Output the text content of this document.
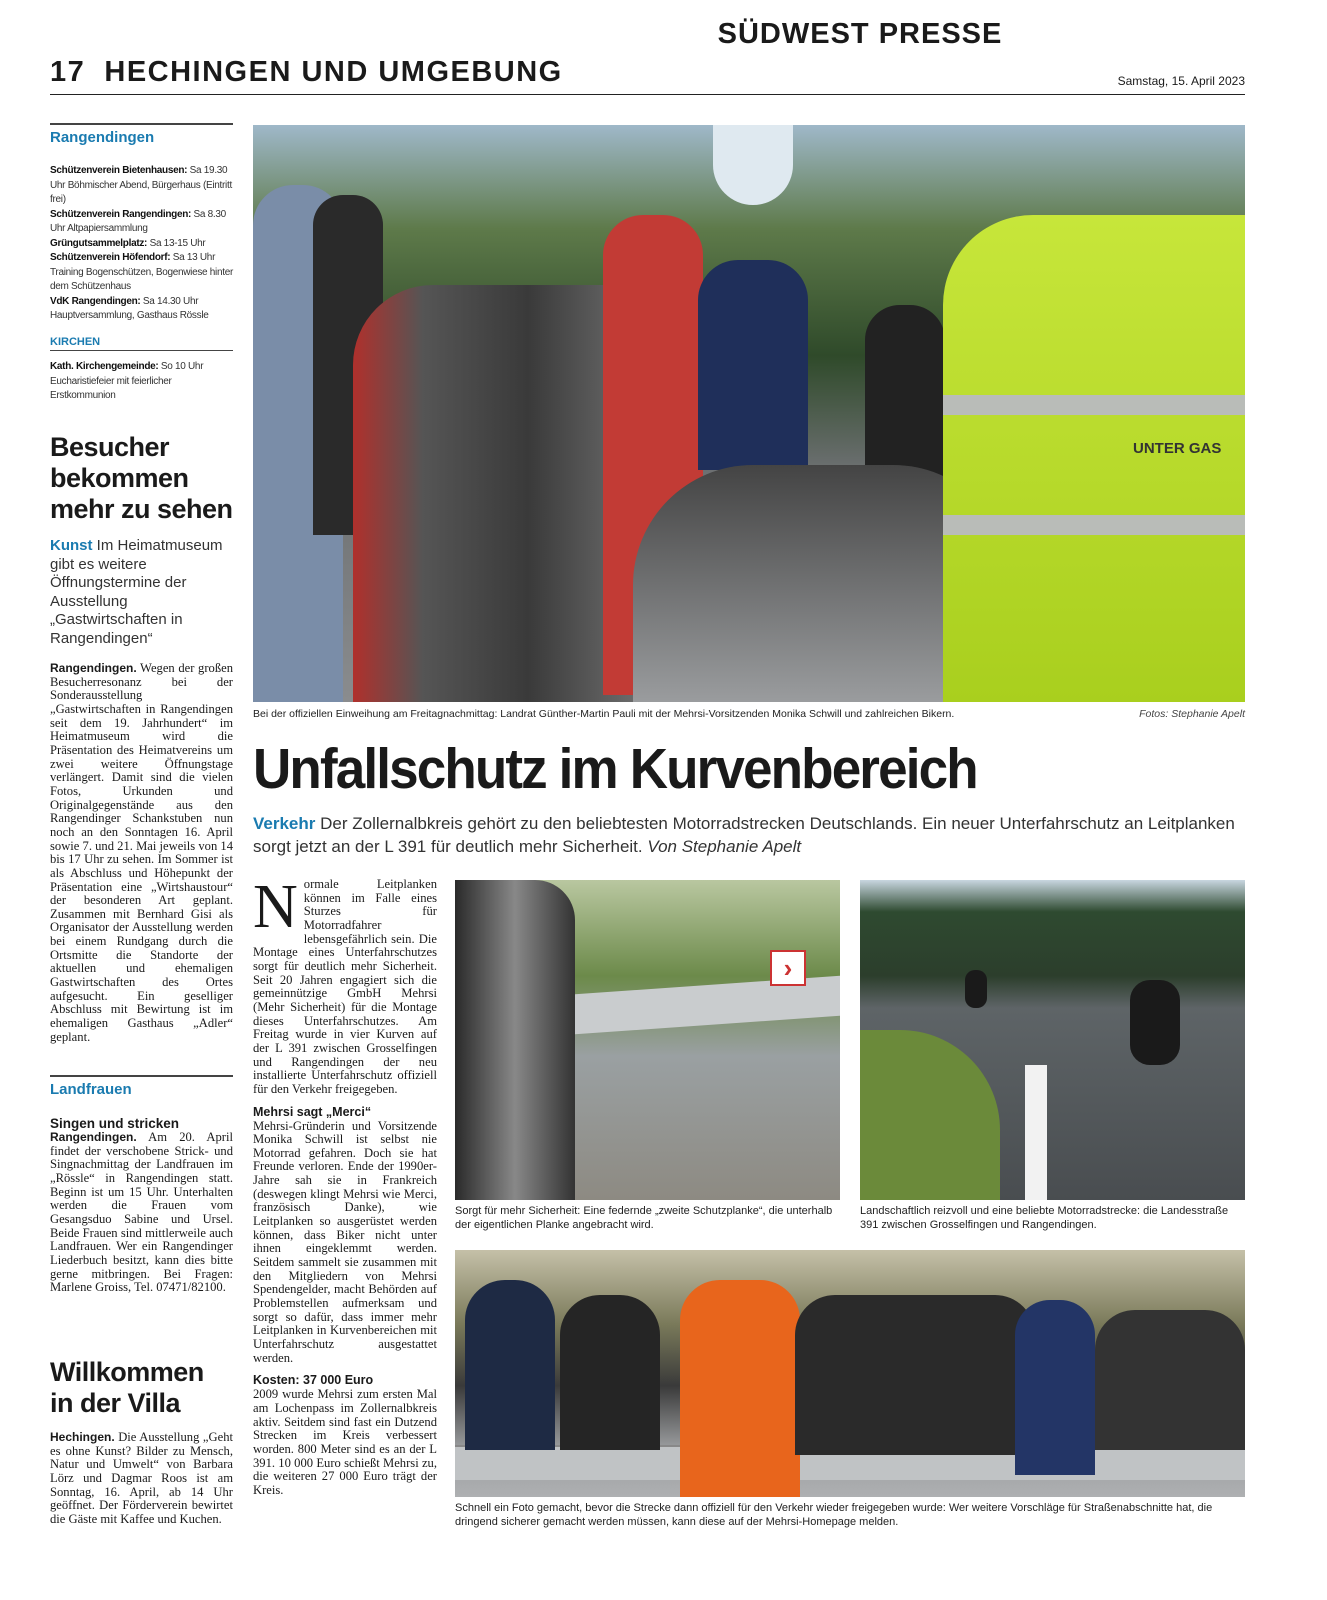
SÜDWEST PRESSE
17 HECHINGEN UND UMGEBUNG	Samstag, 15. April 2023
Rangendingen
Schützenverein Bietenhausen: Sa 19.30 Uhr Böhmischer Abend, Bürgerhaus (Eintritt frei)
Schützenverein Rangendingen: Sa 8.30 Uhr Altpapiersammlung
Grüngutsammelplatz: Sa 13-15 Uhr
Schützenverein Höfendorf: Sa 13 Uhr Training Bogenschützen, Bogenwiese hinter dem Schützenhaus
VdK Rangendingen: Sa 14.30 Uhr Hauptversammlung, Gasthaus Rössle
KIRCHEN
Kath. Kirchengemeinde: So 10 Uhr Eucharistiefeier mit feierlicher Erstkommunion
Besucher bekommen mehr zu sehen
Kunst Im Heimatmuseum gibt es weitere Öffnungstermine der Ausstellung „Gastwirtschaften in Rangendingen“
Rangendingen. Wegen der großen Besucherresonanz bei der Sonderausstellung „Gastwirtschaften in Rangendingen seit dem 19. Jahrhundert“ im Heimatmuseum wird die Präsentation des Heimatvereins um zwei weitere Öffnungstage verlängert. Damit sind die vielen Fotos, Urkunden und Originalgegenstände aus den Rangendinger Schankstuben nun noch an den Sonntagen 16. April sowie 7. und 21. Mai jeweils von 14 bis 17 Uhr zu sehen. Im Sommer ist als Abschluss und Höhepunkt der Präsentation eine „Wirtshaustour“ der besonderen Art geplant. Zusammen mit Bernhard Gisi als Organisator der Ausstellung werden bei einem Rundgang durch die Ortsmitte die Standorte der aktuellen und ehemaligen Gastwirtschaften des Ortes aufgesucht. Ein geselliger Abschluss mit Bewirtung ist im ehemaligen Gasthaus „Adler“ geplant.
Landfrauen
Singen und stricken
Rangendingen. Am 20. April findet der verschobene Strick- und Singnachmittag der Landfrauen im „Rössle“ in Rangendingen statt. Beginn ist um 15 Uhr. Unterhalten werden die Frauen vom Gesangsduo Sabine und Ursel. Beide Frauen sind mittlerweile auch Landfrauen. Wer ein Rangendinger Liederbuch besitzt, kann dies bitte gerne mitbringen. Bei Fragen: Marlene Groiss, Tel. 07471/82100.
Willkommen in der Villa
Hechingen. Die Ausstellung „Geht es ohne Kunst? Bilder zu Mensch, Natur und Umwelt“ von Barbara Lörz und Dagmar Roos ist am Sonntag, 16. April, ab 14 Uhr geöffnet. Der Förderverein bewirtet die Gäste mit Kaffee und Kuchen.
UNTER GAS
Bei der offiziellen Einweihung am Freitagnachmittag: Landrat Günther-Martin Pauli mit der Mehrsi-Vorsitzenden Monika Schwill und zahlreichen Bikern.	Fotos: Stephanie Apelt
Unfallschutz im Kurvenbereich
Verkehr Der Zollernalbkreis gehört zu den beliebtesten Motorradstrecken Deutschlands. Ein neuer Unterfahrschutz an Leitplanken sorgt jetzt an der L 391 für deutlich mehr Sicherheit. Von Stephanie Apelt
Normale Leitplanken können im Falle eines Sturzes für Motorradfahrer lebensgefährlich sein. Die Montage eines Unterfahrschutzes sorgt für deutlich mehr Sicherheit. Seit 20 Jahren engagiert sich die gemeinnützige GmbH Mehrsi (Mehr Sicherheit) für die Montage dieses Unterfahrschutzes. Am Freitag wurde in vier Kurven auf der L 391 zwischen Grosselfingen und Rangendingen der neu installierte Unterfahrschutz offiziell für den Verkehr freigegeben.
Mehrsi sagt „Merci“
Mehrsi-Gründerin und Vorsitzende Monika Schwill ist selbst nie Motorrad gefahren. Doch sie hat Freunde verloren. Ende der 1990er-Jahre sah sie in Frankreich (deswegen klingt Mehrsi wie Merci, französisch Danke), wie Leitplanken so ausgerüstet werden können, dass Biker nicht unter ihnen eingeklemmt werden. Seitdem sammelt sie zusammen mit den Mitgliedern von Mehrsi Spendengelder, macht Behörden auf Problemstellen aufmerksam und sorgt so dafür, dass immer mehr Leitplanken in Kurvenbereichen mit Unterfahrschutz ausgestattet werden.
Kosten: 37 000 Euro
2009 wurde Mehrsi zum ersten Mal am Lochenpass im Zollernalbkreis aktiv. Seitdem sind fast ein Dutzend Strecken im Kreis verbessert worden. 800 Meter sind es an der L 391. 10 000 Euro schießt Mehrsi zu, die weiteren 27 000 Euro trägt der Kreis.
›
Sorgt für mehr Sicherheit: Eine federnde „zweite Schutzplanke“, die unterhalb der eigentlichen Planke angebracht wird.
Landschaftlich reizvoll und eine beliebte Motorradstrecke: die Landesstraße 391 zwischen Grosselfingen und Rangendingen.
Schnell ein Foto gemacht, bevor die Strecke dann offiziell für den Verkehr wieder freigegeben wurde: Wer weitere Vorschläge für Straßenabschnitte hat, die dringend sicherer gemacht werden müssen, kann diese auf der Mehrsi-Homepage melden.
